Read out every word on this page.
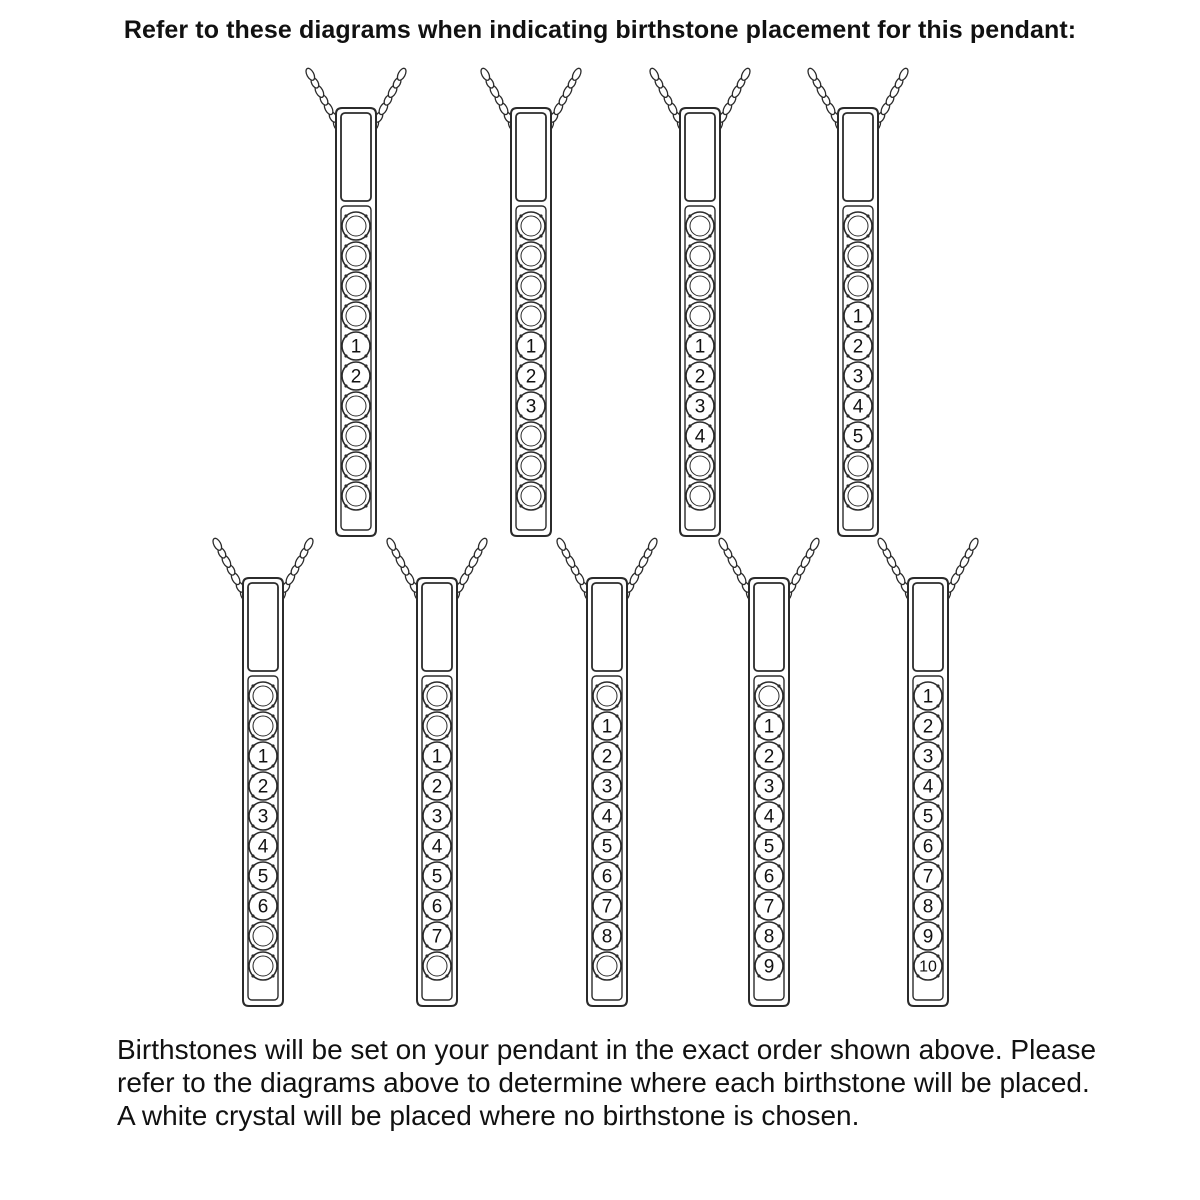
Refer to these diagrams when indicating birthstone placement for this pendant:
1
2
1
2
3
1
2
3
4
1
2
3
4
5
1
2
3
4
5
6
1
2
3
4
5
6
7
1
2
3
4
5
6
7
8
1
2
3
4
5
6
7
8
9
1
2
3
4
5
6
7
8
9
10

Birthstones will be set on your pendant in the exact order shown above. Please refer to the diagrams above to determine where each birthstone will be placed. A white crystal will be placed where no birthstone is chosen.
